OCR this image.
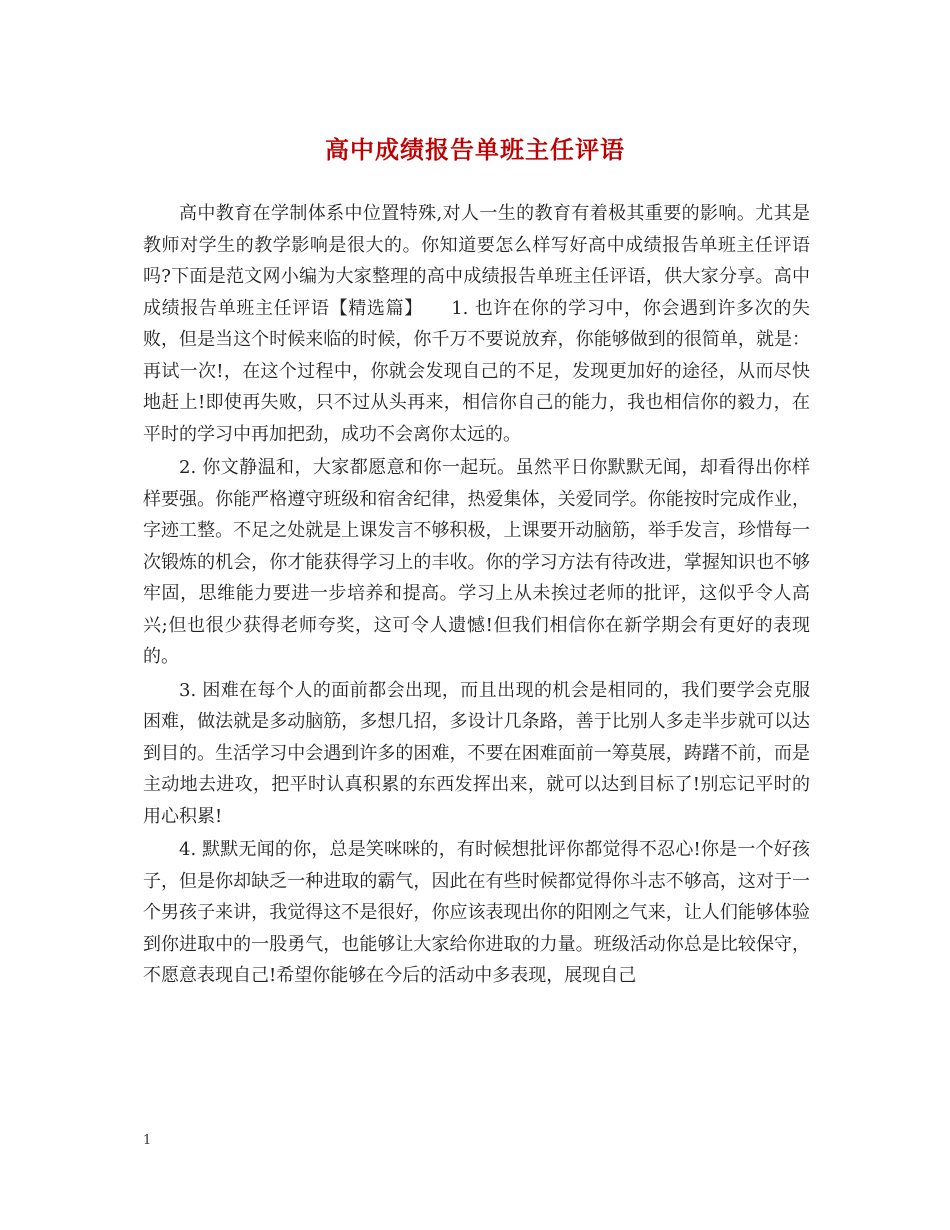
高中成绩报告单班主任评语

高中教育在学制体系中位置特殊,对人一生的教育有着极其重要的影响。尤其是教师对学生的教学影响是很大的。你知道要怎么样写好高中成绩报告单班主任评语吗?下面是范文网小编为大家整理的高中成绩报告单班主任评语，供大家分享。高中成绩报告单班主任评语【精选篇】　　1. 也许在你的学习中，你会遇到许多次的失败，但是当这个时候来临的时候，你千万不要说放弃，你能够做到的很简单，就是：再试一次!，在这个过程中，你就会发现自己的不足，发现更加好的途径，从而尽快地赶上!即使再失败，只不过从头再来，相信你自己的能力，我也相信你的毅力，在平时的学习中再加把劲，成功不会离你太远的。

2. 你文静温和，大家都愿意和你一起玩。虽然平日你默默无闻，却看得出你样样要强。你能严格遵守班级和宿舍纪律，热爱集体，关爱同学。你能按时完成作业，字迹工整。不足之处就是上课发言不够积极，上课要开动脑筋，举手发言，珍惜每一次锻炼的机会，你才能获得学习上的丰收。你的学习方法有待改进，掌握知识也不够牢固，思维能力要进一步培养和提高。学习上从未挨过老师的批评，这似乎令人高兴;但也很少获得老师夸奖，这可令人遗憾!但我们相信你在新学期会有更好的表现的。

3. 困难在每个人的面前都会出现，而且出现的机会是相同的，我们要学会克服困难，做法就是多动脑筋，多想几招，多设计几条路，善于比别人多走半步就可以达到目的。生活学习中会遇到许多的困难，不要在困难面前一筹莫展，踌躇不前，而是主动地去进攻，把平时认真积累的东西发挥出来，就可以达到目标了!别忘记平时的用心积累!

4. 默默无闻的你，总是笑咪咪的，有时候想批评你都觉得不忍心!你是一个好孩子，但是你却缺乏一种进取的霸气，因此在有些时候都觉得你斗志不够高，这对于一个男孩子来讲，我觉得这不是很好，你应该表现出你的阳刚之气来，让人们能够体验到你进取中的一股勇气，也能够让大家给你进取的力量。班级活动你总是比较保守，不愿意表现自己!希望你能够在今后的活动中多表现，展现自己

1
